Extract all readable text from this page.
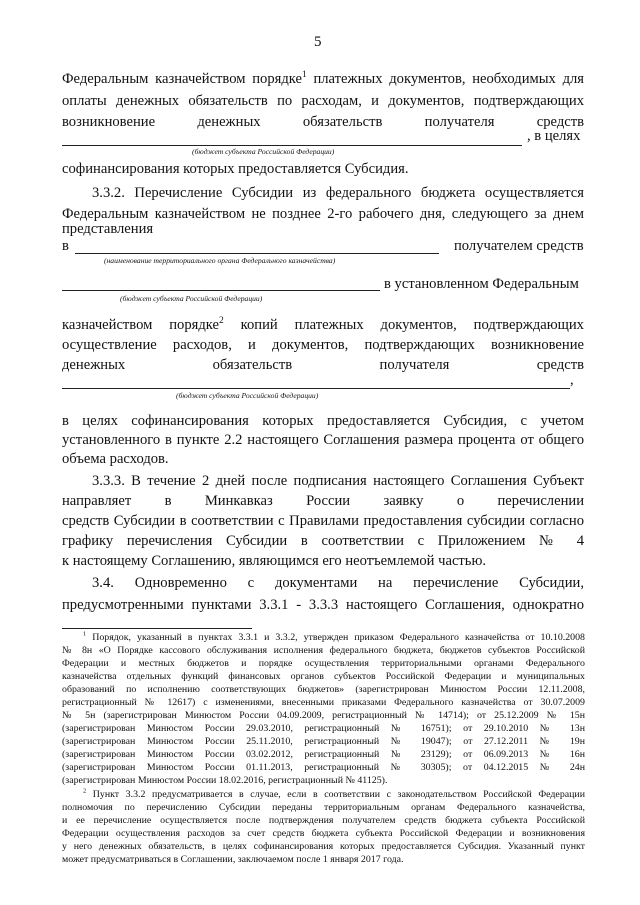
5
Федеральным казначейством порядке$^1$ платежных документов, необходимых для
оплаты денежных обязательств по расходам, и документов, подтверждающих
возникновение денежных обязательств получателя средств
, в целях
(бюджет субъекта Российской Федерации)
софинансирования которых предоставляется Субсидия.
3.3.2. Перечисление Субсидии из федерального бюджета осуществляется
Федеральным казначейством не позднее 2-го рабочего дня, следующего за днем
представления
в	получателем средств
(наименование территориального органа Федерального казначейства)
в установленном Федеральным
(бюджет субъекта Российской Федерации)
казначейством порядке$^2$ копий платежных документов, подтверждающих
осуществление расходов, и документов, подтверждающих возникновение
денежных обязательств получателя средств
,
(бюджет субъекта Российской Федерации)
в целях софинансирования которых предоставляется Субсидия, с учетом
установленного в пункте 2.2 настоящего Соглашения размера процента от общего
объема расходов.
3.3.3. В течение 2 дней после подписания настоящего Соглашения Субъект
направляет в Минкавказ России заявку о перечислении
средств Субсидии в соответствии с Правилами предоставления субсидии согласно
графику перечисления Субсидии в соответствии с Приложением № 4
к настоящему Соглашению, являющимся его неотъемлемой частью.
3.4. Одновременно с документами на перечисление Субсидии,
предусмотренными пунктами 3.3.1 - 3.3.3 настоящего Соглашения, однократно
$^1$ Порядок, указанный в пунктах 3.3.1 и 3.3.2, утвержден приказом Федерального казначейства от 10.10.2008
№ 8н «О Порядке кассового обслуживания исполнения федерального бюджета, бюджетов субъектов Российской
Федерации и местных бюджетов и порядке осуществления территориальными органами Федерального
казначейства отдельных функций финансовых органов субъектов Российской Федерации и муниципальных
образований по исполнению соответствующих бюджетов» (зарегистрирован Минюстом России 12.11.2008,
регистрационный № 12617) с изменениями, внесенными приказами Федерального казначейства от 30.07.2009
№ 5н (зарегистрирован Минюстом России 04.09.2009, регистрационный № 14714); от 25.12.2009 № 15н
(зарегистрирован Минюстом России 29.03.2010, регистрационный № 16751); от 29.10.2010 № 13н
(зарегистрирован Минюстом России 25.11.2010, регистрационный № 19047); от 27.12.2011 № 19н
(зарегистрирован Минюстом России 03.02.2012, регистрационный № 23129); от 06.09.2013 № 16н
(зарегистрирован Минюстом России 01.11.2013, регистрационный № 30305); от 04.12.2015 № 24н
(зарегистрирован Минюстом России 18.02.2016, регистрационный № 41125).
$^2$ Пункт 3.3.2 предусматривается в случае, если в соответствии с законодательством Российской Федерации
полномочия по перечислению Субсидии переданы территориальным органам Федерального казначейства,
и ее перечисление осуществляется после подтверждения получателем средств бюджета субъекта Российской
Федерации осуществления расходов за счет средств бюджета субъекта Российской Федерации и возникновения
у него денежных обязательств, в целях софинансирования которых предоставляется Субсидия. Указанный пункт
может предусматриваться в Соглашении, заключаемом после 1 января 2017 года.
